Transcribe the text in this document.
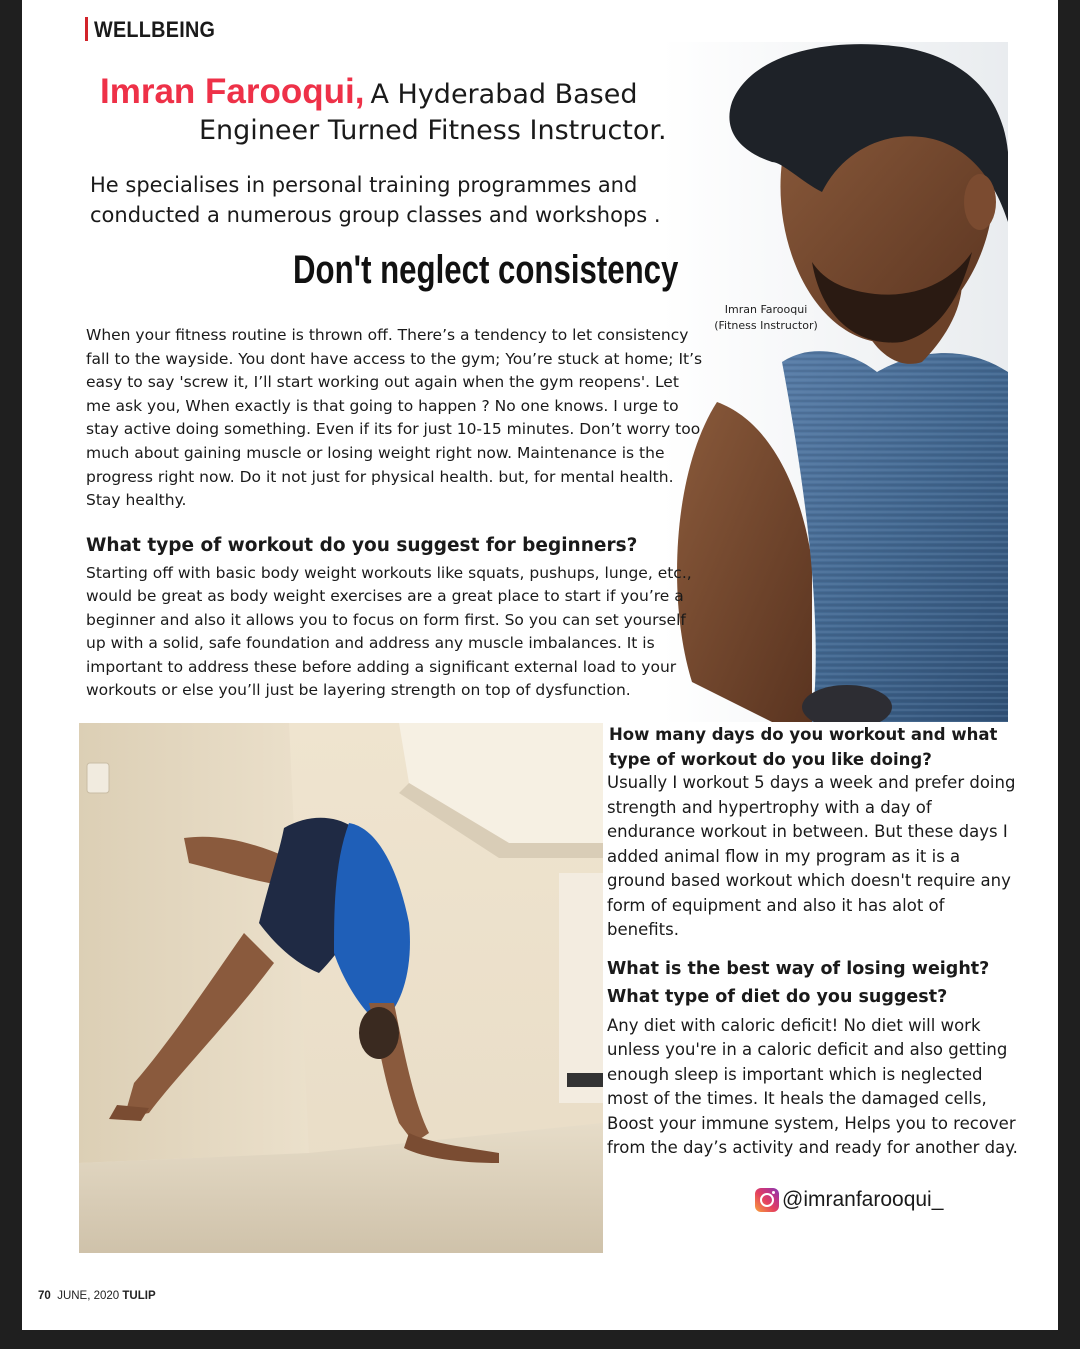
WELLBEING
Imran Farooqui, A Hyderabad Based
Engineer Turned Fitness Instructor.
He specialises in personal training programmes and conducted a numerous group classes and workshops .
Don't neglect consistency
Imran Farooqui
(Fitness Instructor)
When your fitness routine is thrown off. There’s a tendency to let consistency fall to the wayside. You dont have access to the gym; You’re stuck at home; It’s easy to say 'screw it, I’ll start working out again when the gym reopens'. Let me ask you, When exactly is that going to happen ? No one knows. I urge to stay active doing something. Even if its for just 10-15 minutes. Don’t worry too much about gaining muscle or losing weight right now. Maintenance is the progress right now. Do it not just for physical health. but, for mental health. Stay healthy.
What type of workout do you suggest for beginners?
Starting off with basic body weight workouts like squats, pushups, lunge, etc., would be great as body weight exercises are a great place to start if you’re a beginner and also it allows you to focus on form first. So you can set yourself up with a solid, safe foundation and address any muscle imbalances. It is important to address these before adding a significant external load to your workouts or else you’ll just be layering strength on top of dysfunction.
How many days do you workout and what type of workout do you like doing?
Usually I workout 5 days a week and prefer doing strength and hypertrophy with a day of endurance workout in between. But these days I added animal flow in my program as it is a ground based workout which doesn't require any form of equipment and also it has alot of benefits.
What is the best way of losing weight? What type of diet do you suggest?
Any diet with caloric deficit! No diet will work unless you're in a caloric deficit and also getting enough sleep is important which is neglected most of the times. It heals the damaged cells, Boost your immune system, Helps you to recover from the day’s activity and ready for another day.
@imranfarooqui_
70 JUNE, 2020 TULIP
